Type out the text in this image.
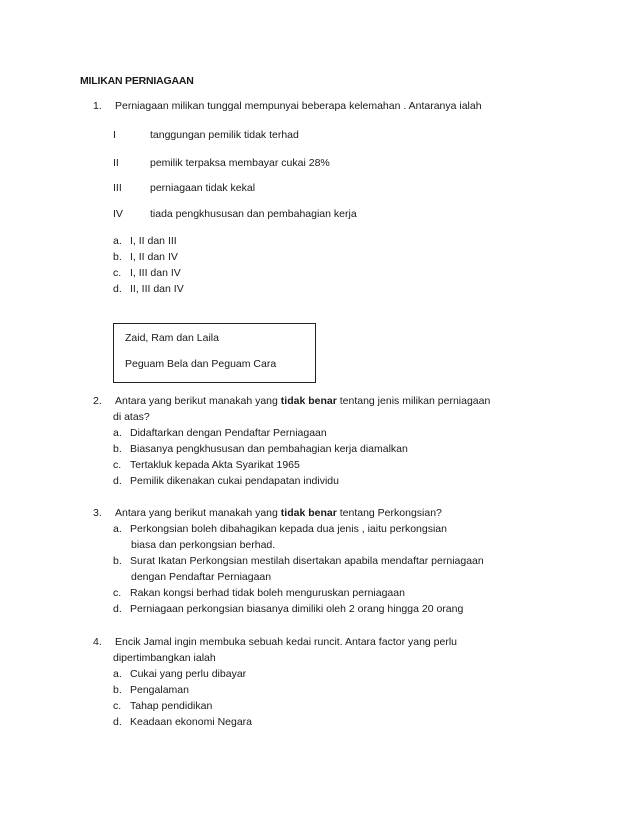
MILIKAN PERNIAGAAN
1. Perniagaan milikan tunggal mempunyai beberapa kelemahan . Antaranya ialah
I	tanggungan pemilik tidak terhad
II	pemilik terpaksa membayar cukai 28%
III	perniagaan tidak kekal
IV	tiada pengkhususan dan pembahagian kerja
a. I, II dan III
b. I, II dan IV
c. I, III dan IV
d. II, III dan IV
Zaid, Ram dan Laila
Peguam Bela dan Peguam Cara
2. Antara yang berikut manakah yang tidak benar tentang jenis milikan perniagaan
di atas?
a. Didaftarkan dengan Pendaftar Perniagaan
b. Biasanya pengkhususan dan pembahagian kerja diamalkan
c. Tertakluk kepada Akta Syarikat 1965
d. Pemilik dikenakan cukai pendapatan individu
3. Antara yang berikut manakah yang tidak benar tentang Perkongsian?
a. Perkongsian boleh dibahagikan kepada dua jenis , iaitu perkongsian
biasa dan perkongsian berhad.
b. Surat Ikatan Perkongsian mestilah disertakan apabila mendaftar perniagaan
dengan Pendaftar Perniagaan
c. Rakan kongsi berhad tidak boleh menguruskan perniagaan
d. Perniagaan perkongsian biasanya dimiliki oleh 2 orang hingga 20 orang
4. Encik Jamal ingin membuka sebuah kedai runcit. Antara factor yang perlu
dipertimbangkan ialah
a. Cukai yang perlu dibayar
b. Pengalaman
c. Tahap pendidikan
d. Keadaan ekonomi Negara
